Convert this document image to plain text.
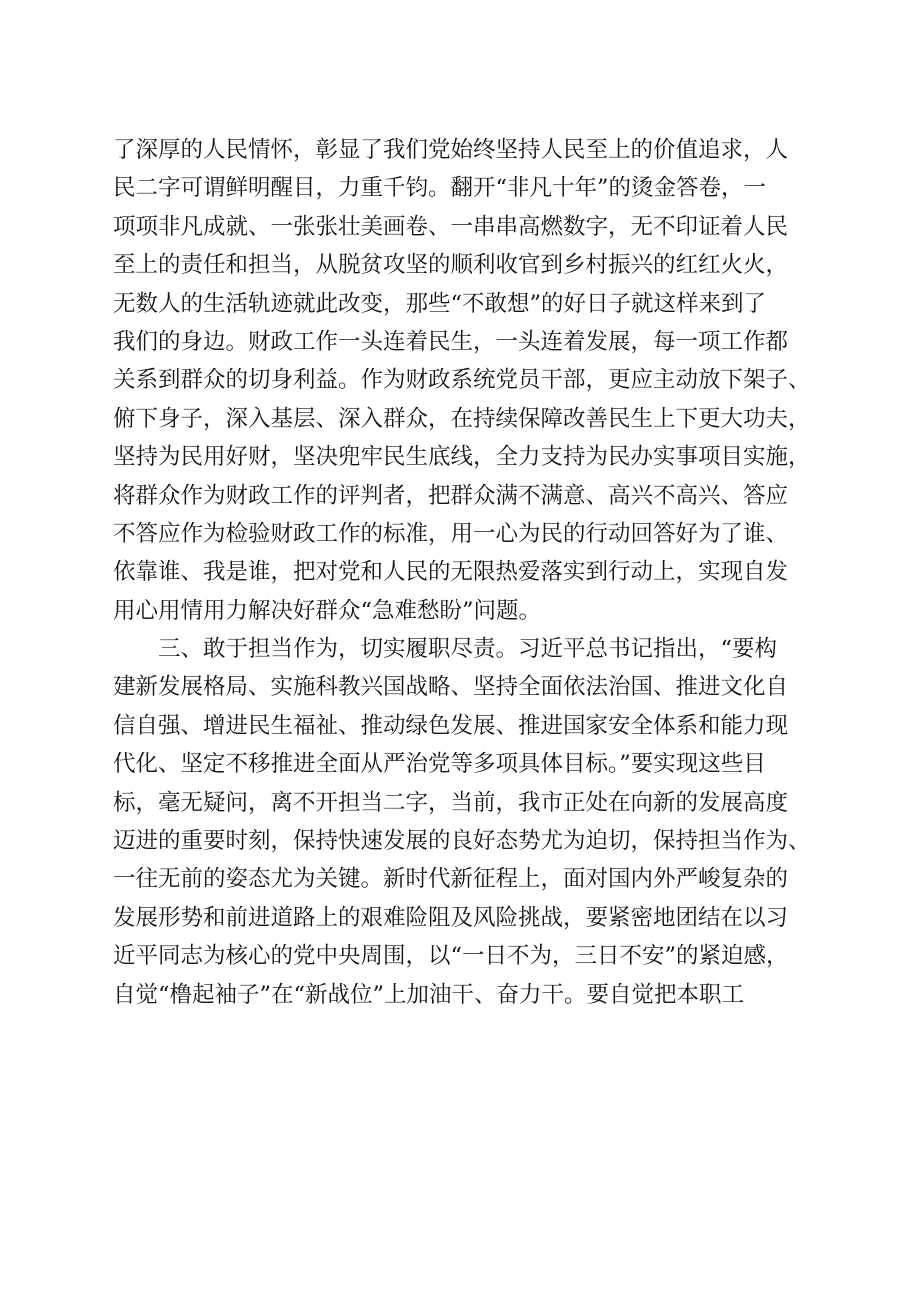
了深厚的人民情怀，彰显了我们党始终坚持人民至上的价值追求，人
民二字可谓鲜明醒目，力重千钧。翻开“非凡十年”的烫金答卷，一
项项非凡成就、一张张壮美画卷、一串串高燃数字，无不印证着人民
至上的责任和担当，从脱贫攻坚的顺利收官到乡村振兴的红红火火，
无数人的生活轨迹就此改变，那些“不敢想”的好日子就这样来到了
我们的身边。财政工作一头连着民生，一头连着发展，每一项工作都
关系到群众的切身利益。作为财政系统党员干部，更应主动放下架子、
俯下身子，深入基层、深入群众，在持续保障改善民生上下更大功夫，
坚持为民用好财，坚决兜牢民生底线，全力支持为民办实事项目实施，
将群众作为财政工作的评判者，把群众满不满意、高兴不高兴、答应
不答应作为检验财政工作的标准，用一心为民的行动回答好为了谁、
依靠谁、我是谁，把对党和人民的无限热爱落实到行动上，实现自发
用心用情用力解决好群众“急难愁盼”问题。
三、敢于担当作为，切实履职尽责。习近平总书记指出，“要构
建新发展格局、实施科教兴国战略、坚持全面依法治国、推进文化自
信自强、增进民生福祉、推动绿色发展、推进国家安全体系和能力现
代化、坚定不移推进全面从严治党等多项具体目标。”要实现这些目
标，毫无疑问，离不开担当二字，当前，我市正处在向新的发展高度
迈进的重要时刻，保持快速发展的良好态势尤为迫切，保持担当作为、
一往无前的姿态尤为关键。新时代新征程上，面对国内外严峻复杂的
发展形势和前进道路上的艰难险阻及风险挑战，要紧密地团结在以习
近平同志为核心的党中央周围，以“一日不为，三日不安”的紧迫感，
自觉“橹起袖子”在“新战位”上加油干、奋力干。要自觉把本职工
